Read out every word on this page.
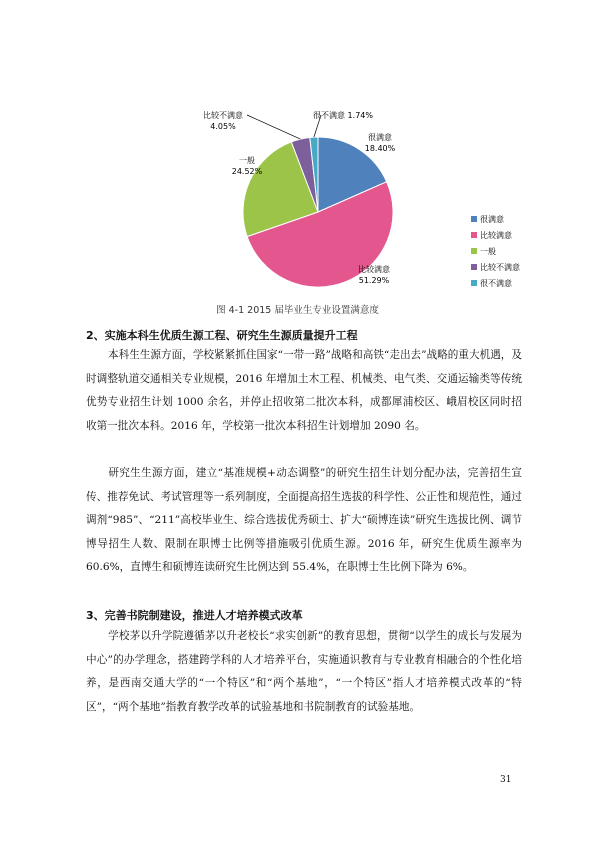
很满意
18.40%
比较满意
51.29%
一般
24.52%
比较不满意
4.05%
很不满意 1.74%
很满意
比较满意
一般
比较不满意
很不满意
图 4-1 2015 届毕业生专业设置满意度
2、实施本科生优质生源工程、研究生生源质量提升工程

本科生生源方面，学校紧紧抓住国家“一带一路”战略和高铁“走出去”战略的重大机遇，及时调整轨道交通相关专业规模，2016 年增加土木工程、机械类、电气类、交通运输类等传统优势专业招生计划 1000 余名，并停止招收第二批次本科，成都犀浦校区、峨眉校区同时招收第一批次本科。2016 年，学校第一批次本科招生计划增加 2090 名。

研究生生源方面，建立“基准规模+动态调整”的研究生招生计划分配办法，完善招生宣传、推荐免试、考试管理等一系列制度，全面提高招生选拔的科学性、公正性和规范性，通过调剂“985”、“211”高校毕业生、综合选拔优秀硕士、扩大“硕博连读”研究生选拔比例、调节博导招生人数、限制在职博士比例等措施吸引优质生源。2016 年，研究生优质生源率为 60.6%，直博生和硕博连读研究生比例达到 55.4%，在职博士生比例下降为 6%。

3、完善书院制建设，推进人才培养模式改革

学校茅以升学院遵循茅以升老校长“求实创新”的教育思想，贯彻“以学生的成长与发展为中心”的办学理念，搭建跨学科的人才培养平台，实施通识教育与专业教育相融合的个性化培养，是西南交通大学的“一个特区”和“两个基地”，“一个特区”指人才培养模式改革的“特区”，“两个基地”指教育教学改革的试验基地和书院制教育的试验基地。

31
